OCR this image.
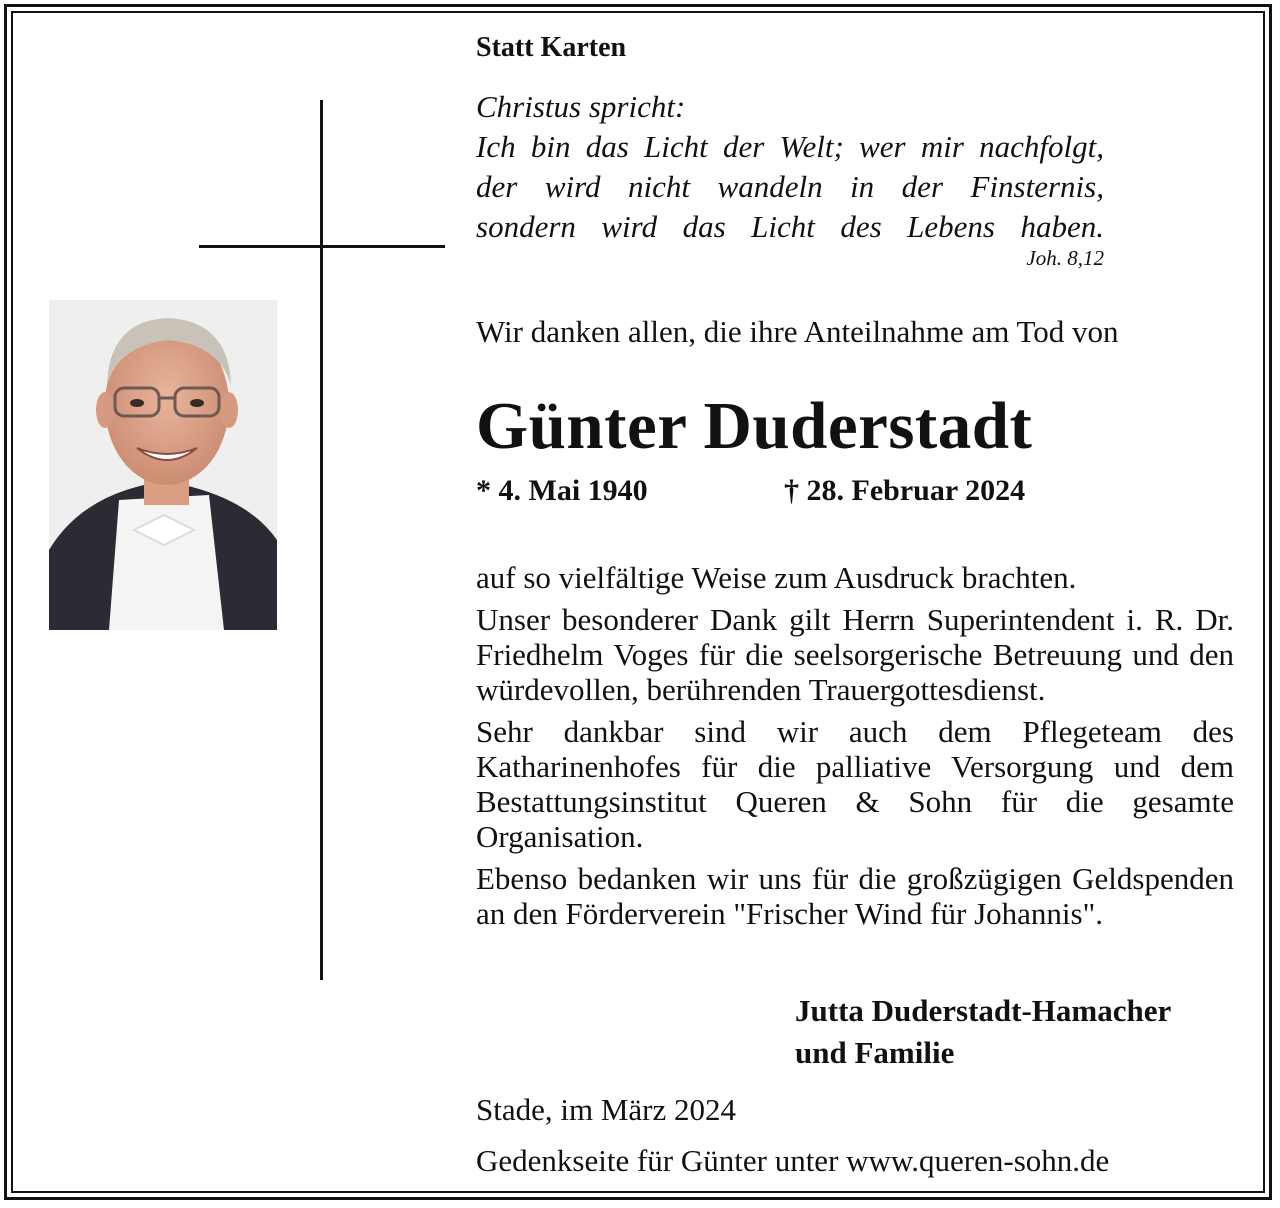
Statt Karten

Christus spricht:
Ich bin das Licht der Welt; wer mir nachfolgt,
der wird nicht wandeln in der Finsternis,
sondern wird das Licht des Lebens haben.

Joh. 8,12

Wir danken allen, die ihre Anteilnahme am Tod von

Günter Duderstadt

* 4. Mai 1940	† 28. Februar 2024

auf so vielfältige Weise zum Ausdruck brachten.

Unser besonderer Dank gilt Herrn Superintendent i. R. Dr. Friedhelm Voges für die seelsorgerische Betreuung und den würdevollen, berührenden Trauergottesdienst.

Sehr dankbar sind wir auch dem Pflegeteam des Katharinenhofes für die palliative Versorgung und dem Bestattungsinstitut Queren & Sohn für die gesamte Organisation.

Ebenso bedanken wir uns für die großzügigen Geldspenden an den Förderverein "Frischer Wind für Johannis".

Jutta Duderstadt-Hamacher
und Familie

Stade, im März 2024

Gedenkseite für Günter unter www.queren-sohn.de
